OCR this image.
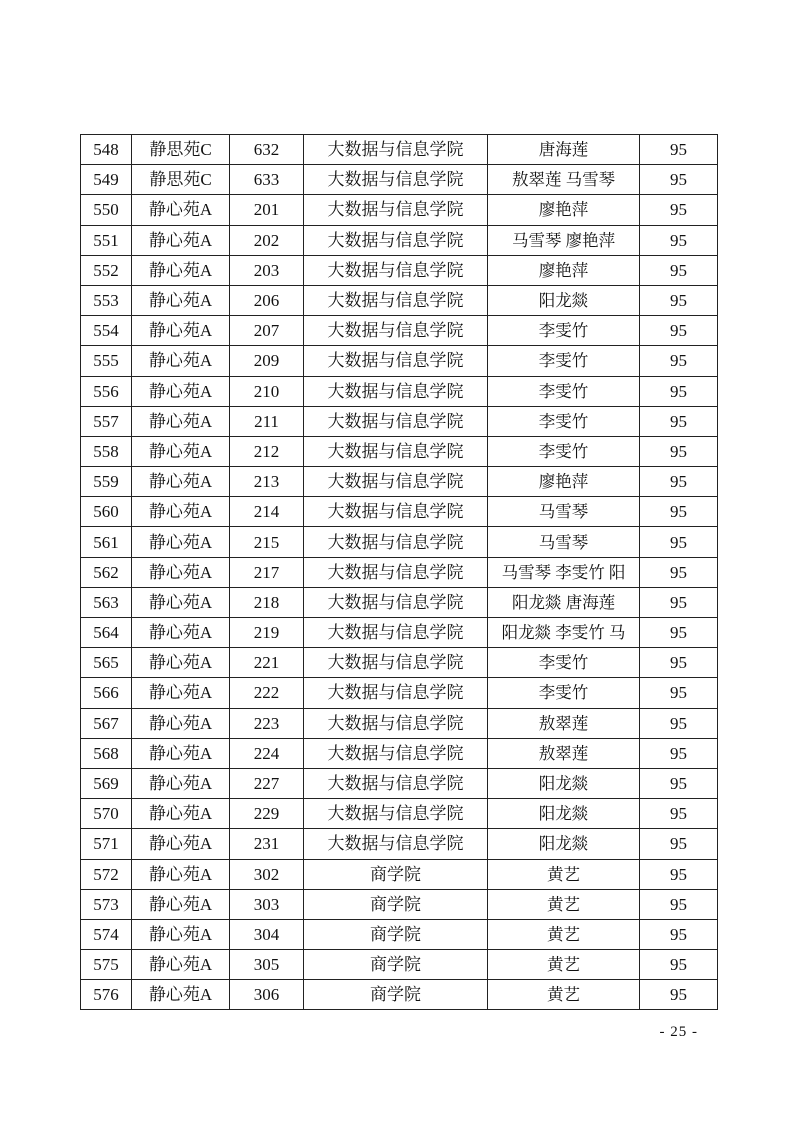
548	静思苑C	632	大数据与信息学院	唐海莲	95
549	静思苑C	633	大数据与信息学院	敖翠莲 马雪琴	95
550	静心苑A	201	大数据与信息学院	廖艳萍	95
551	静心苑A	202	大数据与信息学院	马雪琴 廖艳萍	95
552	静心苑A	203	大数据与信息学院	廖艳萍	95
553	静心苑A	206	大数据与信息学院	阳龙燚	95
554	静心苑A	207	大数据与信息学院	李雯竹	95
555	静心苑A	209	大数据与信息学院	李雯竹	95
556	静心苑A	210	大数据与信息学院	李雯竹	95
557	静心苑A	211	大数据与信息学院	李雯竹	95
558	静心苑A	212	大数据与信息学院	李雯竹	95
559	静心苑A	213	大数据与信息学院	廖艳萍	95
560	静心苑A	214	大数据与信息学院	马雪琴	95
561	静心苑A	215	大数据与信息学院	马雪琴	95
562	静心苑A	217	大数据与信息学院	马雪琴 李雯竹 阳	95
563	静心苑A	218	大数据与信息学院	阳龙燚 唐海莲	95
564	静心苑A	219	大数据与信息学院	阳龙燚 李雯竹 马	95
565	静心苑A	221	大数据与信息学院	李雯竹	95
566	静心苑A	222	大数据与信息学院	李雯竹	95
567	静心苑A	223	大数据与信息学院	敖翠莲	95
568	静心苑A	224	大数据与信息学院	敖翠莲	95
569	静心苑A	227	大数据与信息学院	阳龙燚	95
570	静心苑A	229	大数据与信息学院	阳龙燚	95
571	静心苑A	231	大数据与信息学院	阳龙燚	95
572	静心苑A	302	商学院	黄艺	95
573	静心苑A	303	商学院	黄艺	95
574	静心苑A	304	商学院	黄艺	95
575	静心苑A	305	商学院	黄艺	95
576	静心苑A	306	商学院	黄艺	95
- 25 -
